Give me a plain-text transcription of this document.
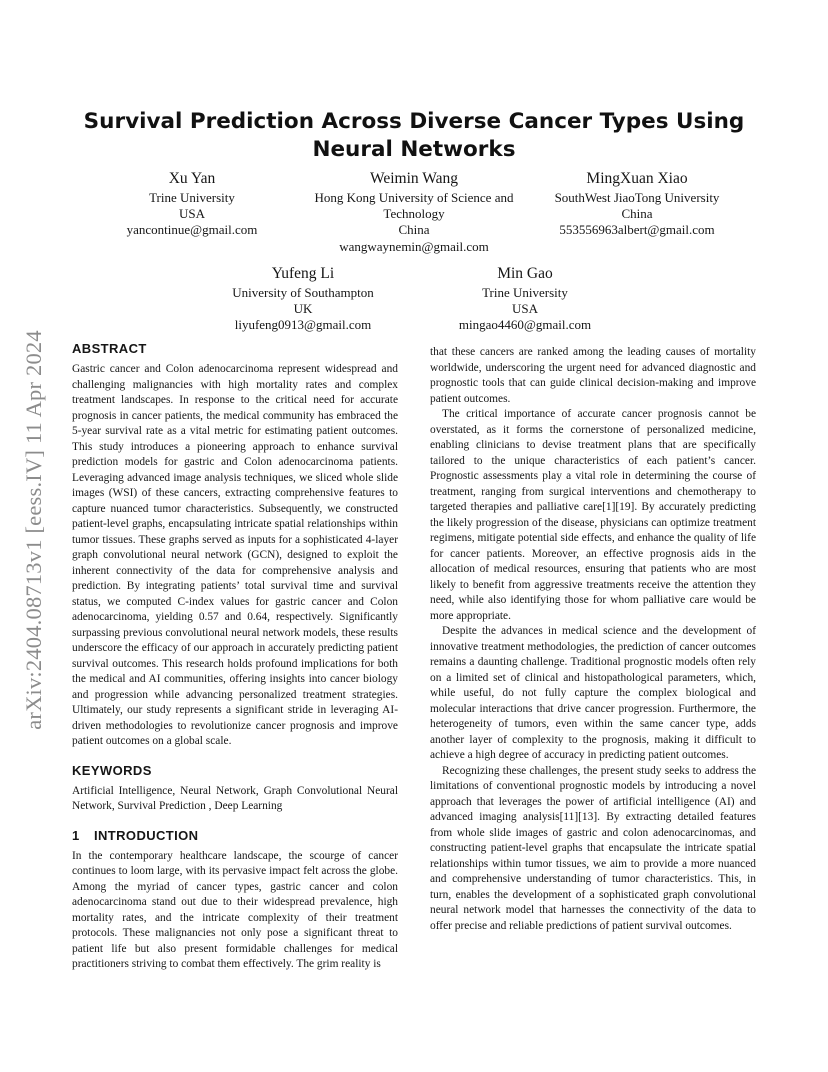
arXiv:2404.08713v1 [eess.IV] 11 Apr 2024
Survival Prediction Across Diverse Cancer Types Using Neural Networks
Xu Yan
Trine University
USA
yancontinue@gmail.com
Weimin Wang
Hong Kong University of Science and Technology
China
wangwaynemin@gmail.com
MingXuan Xiao
SouthWest JiaoTong University
China
553556963albert@gmail.com
Yufeng Li
University of Southampton
UK
liyufeng0913@gmail.com
Min Gao
Trine University
USA
mingao4460@gmail.com
ABSTRACT

Gastric cancer and Colon adenocarcinoma represent widespread and challenging malignancies with high mortality rates and complex treatment landscapes. In response to the critical need for accurate prognosis in cancer patients, the medical community has embraced the 5-year survival rate as a vital metric for estimating patient outcomes. This study introduces a pioneering approach to enhance survival prediction models for gastric and Colon adenocarcinoma patients. Leveraging advanced image analysis techniques, we sliced whole slide images (WSI) of these cancers, extracting comprehensive features to capture nuanced tumor characteristics. Subsequently, we constructed patient-level graphs, encapsulating intricate spatial relationships within tumor tissues. These graphs served as inputs for a sophisticated 4-layer graph convolutional neural network (GCN), designed to exploit the inherent connectivity of the data for comprehensive analysis and prediction. By integrating patients’ total survival time and survival status, we computed C-index values for gastric cancer and Colon adenocarcinoma, yielding 0.57 and 0.64, respectively. Significantly surpassing previous convolutional neural network models, these results underscore the efficacy of our approach in accurately predicting patient survival outcomes. This research holds profound implications for both the medical and AI communities, offering insights into cancer biology and progression while advancing personalized treatment strategies. Ultimately, our study represents a significant stride in leveraging AI-driven methodologies to revolutionize cancer prognosis and improve patient outcomes on a global scale.

KEYWORDS

Artificial Intelligence, Neural Network, Graph Convolutional Neural Network, Survival Prediction , Deep Learning

1 INTRODUCTION

In the contemporary healthcare landscape, the scourge of cancer continues to loom large, with its pervasive impact felt across the globe. Among the myriad of cancer types, gastric cancer and colon adenocarcinoma stand out due to their widespread prevalence, high mortality rates, and the intricate complexity of their treatment protocols. These malignancies not only pose a significant threat to patient life but also present formidable challenges for medical practitioners striving to combat them effectively. The grim reality is

that these cancers are ranked among the leading causes of mortality worldwide, underscoring the urgent need for advanced diagnostic and prognostic tools that can guide clinical decision-making and improve patient outcomes.

The critical importance of accurate cancer prognosis cannot be overstated, as it forms the cornerstone of personalized medicine, enabling clinicians to devise treatment plans that are specifically tailored to the unique characteristics of each patient’s cancer. Prognostic assessments play a vital role in determining the course of treatment, ranging from surgical interventions and chemotherapy to targeted therapies and palliative care[1][19]. By accurately predicting the likely progression of the disease, physicians can optimize treatment regimens, mitigate potential side effects, and enhance the quality of life for cancer patients. Moreover, an effective prognosis aids in the allocation of medical resources, ensuring that patients who are most likely to benefit from aggressive treatments receive the attention they need, while also identifying those for whom palliative care would be more appropriate.

Despite the advances in medical science and the development of innovative treatment methodologies, the prediction of cancer outcomes remains a daunting challenge. Traditional prognostic models often rely on a limited set of clinical and histopathological parameters, which, while useful, do not fully capture the complex biological and molecular interactions that drive cancer progression. Furthermore, the heterogeneity of tumors, even within the same cancer type, adds another layer of complexity to the prognosis, making it difficult to achieve a high degree of accuracy in predicting patient outcomes.

Recognizing these challenges, the present study seeks to address the limitations of conventional prognostic models by introducing a novel approach that leverages the power of artificial intelligence (AI) and advanced imaging analysis[11][13]. By extracting detailed features from whole slide images of gastric and colon adenocarcinomas, and constructing patient-level graphs that encapsulate the intricate spatial relationships within tumor tissues, we aim to provide a more nuanced and comprehensive understanding of tumor characteristics. This, in turn, enables the development of a sophisticated graph convolutional neural network model that harnesses the connectivity of the data to offer precise and reliable predictions of patient survival outcomes.
